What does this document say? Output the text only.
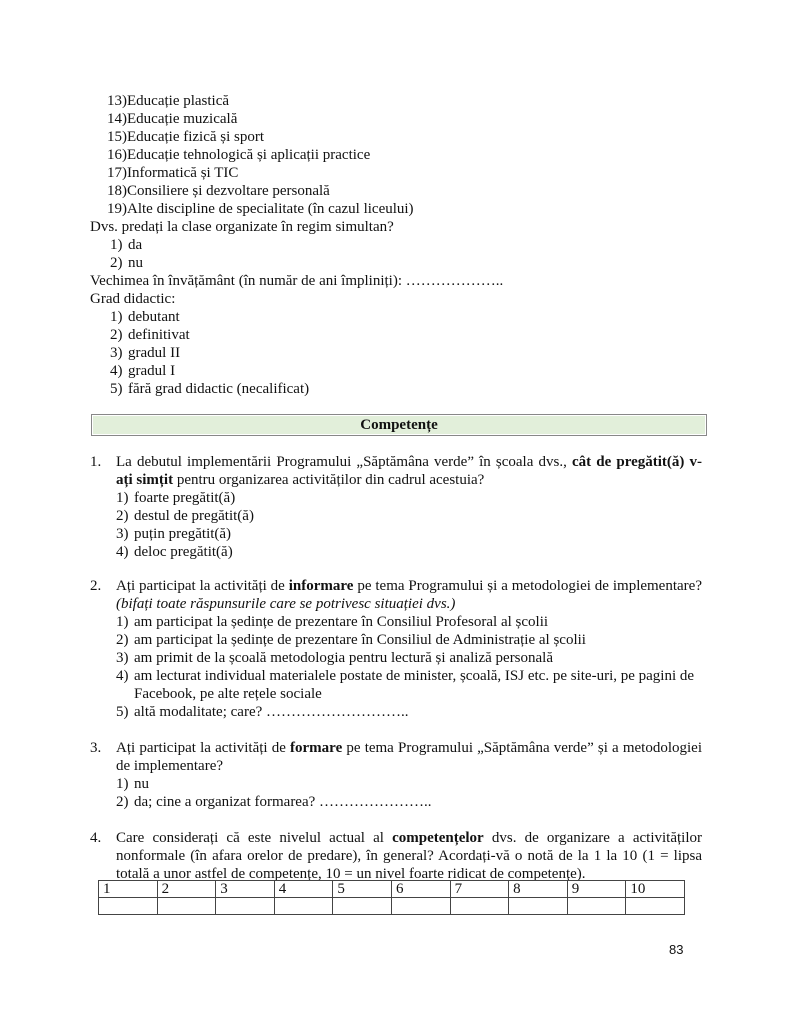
13)Educație plastică
14)Educație muzicală
15)Educație fizică și sport
16)Educație tehnologică și aplicații practice
17)Informatică și TIC
18)Consiliere și dezvoltare personală
19)Alte discipline de specialitate (în cazul liceului)
Dvs. predați la clase organizate în regim simultan?
1) da
2) nu
Vechimea în învățământ (în număr de ani împliniți): ………………..
Grad didactic:
1) debutant
2) definitivat
3) gradul II
4) gradul I
5) fără grad didactic (necalificat)
Competențe
1. La debutul implementării Programului „Săptămâna verde” în școala dvs., cât de pregătit(ă) v-ați simțit pentru organizarea activităților din cadrul acestuia?
1) foarte pregătit(ă)
2) destul de pregătit(ă)
3) puțin pregătit(ă)
4) deloc pregătit(ă)
2. Ați participat la activități de informare pe tema Programului și a metodologiei de implementare? (bifați toate răspunsurile care se potrivesc situației dvs.)
1) am participat la ședințe de prezentare în Consiliul Profesoral al școlii
2) am participat la ședințe de prezentare în Consiliul de Administrație al școlii
3) am primit de la școală metodologia pentru lectură și analiză personală
4) am lecturat individual materialele postate de minister, școală, ISJ etc. pe site-uri, pe pagini de Facebook, pe alte rețele sociale
5) altă modalitate; care? ………………………..
3. Ați participat la activități de formare pe tema Programului „Săptămâna verde” și a metodologiei de implementare?
1) nu
2) da; cine a organizat formarea? …………………..
4. Care considerați că este nivelul actual al competențelor dvs. de organizare a activităților nonformale (în afara orelor de predare), în general? Acordați-vă o notă de la 1 la 10 (1 = lipsa totală a unor astfel de competențe, 10 = un nivel foarte ridicat de competențe).
1	2	3	4	5	6	7	8	9	10

83
